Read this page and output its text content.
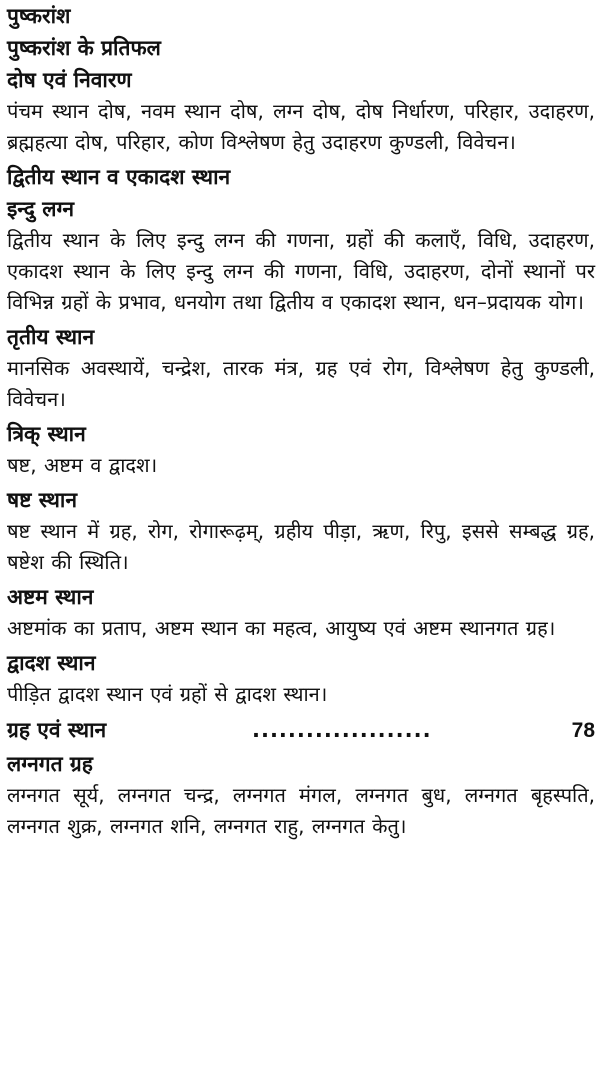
पुष्करांश
पुष्करांश के प्रतिफल
दोष एवं निवारण

पंचम स्थान दोष, नवम स्थान दोष, लग्न दोष, दोष निर्धारण, परिहार, उदाहरण, ब्रह्महत्या दोष, परिहार, कोण विश्लेषण हेतु उदाहरण कुण्डली, विवेचन।

द्वितीय स्थान व एकादश स्थान
इन्दु लग्न

द्वितीय स्थान के लिए इन्दु लग्न की गणना, ग्रहों की कलाएँ, विधि, उदाहरण, एकादश स्थान के लिए इन्दु लग्न की गणना, विधि, उदाहरण, दोनों स्थानों पर विभिन्न ग्रहों के प्रभाव, धनयोग तथा द्वितीय व एकादश स्थान, धन–प्रदायक योग।

तृतीय स्थान

मानसिक अवस्थायें, चन्द्रेश, तारक मंत्र, ग्रह एवं रोग, विश्लेषण हेतु कुण्डली, विवेचन।

त्रिक् स्थान

षष्ट, अष्टम व द्वादश।

षष्ट स्थान

षष्ट स्थान में ग्रह, रोग, रोगारूढ़म्, ग्रहीय पीड़ा, ऋण, रिपु, इससे सम्बद्ध ग्रह, षष्टेश की स्थिति।

अष्टम स्थान

अष्टमांक का प्रताप, अष्टम स्थान का महत्व, आयुष्य एवं अष्टम स्थानगत ग्रह।

द्वादश स्थान

पीड़ित द्वादश स्थान एवं ग्रहों से द्वादश स्थान।

ग्रह एवं स्थान	....................	78
लग्नगत ग्रह

लग्नगत सूर्य, लग्नगत चन्द्र, लग्नगत मंगल, लग्नगत बुध, लग्नगत बृहस्पति, लग्नगत शुक्र, लग्नगत शनि, लग्नगत राहु, लग्नगत केतु।
